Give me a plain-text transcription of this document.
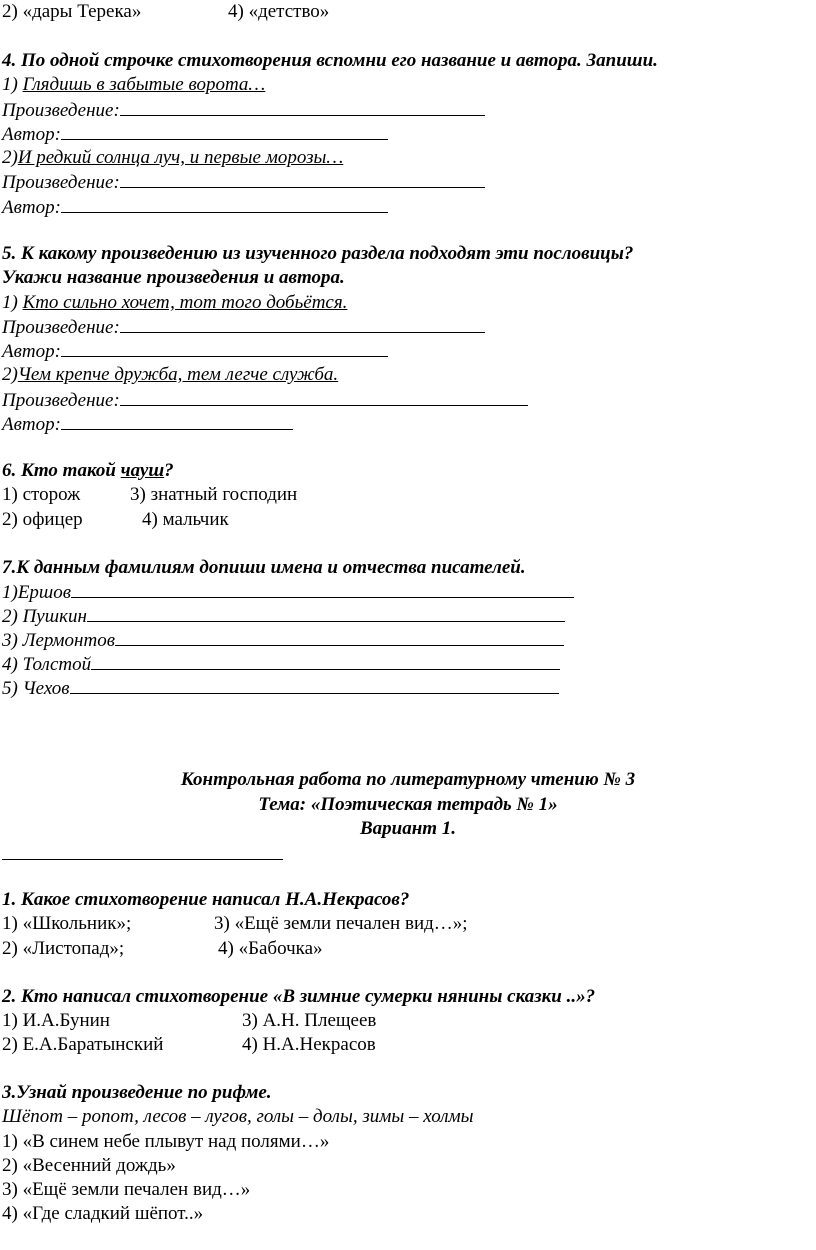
2) «дары Терека»	4) «детство»
4. По одной строчке стихотворения вспомни его название и автора. Запиши.
1) Глядишь в забытые ворота…
Произведение:
Автор:
2)И редкий солнца луч, и первые морозы…
Произведение:
Автор:
5. К какому произведению из изученного раздела подходят эти пословицы?
Укажи название произведения и автора.
1) Кто сильно хочет, тот того добьётся.
Произведение:
Автор:
2)Чем крепче дружба, тем легче служба.
Произведение:
Автор:
6. Кто такой чауш?
1) сторож	3) знатный господин
2) офицер	4) мальчик
7.К данным фамилиям допиши имена и отчества писателей.
1)Ершов
2) Пушкин
3) Лермонтов
4) Толстой
5) Чехов
Контрольная работа по литературному чтению № 3
Тема: «Поэтическая тетрадь № 1»
Вариант 1.
1. Какое стихотворение написал Н.А.Некрасов?
1) «Школьник»;	3) «Ещё земли печален вид…»;
2) «Листопад»;	4) «Бабочка»
2. Кто написал стихотворение «В зимние сумерки нянины сказки ..»?
1) И.А.Бунин	3) А.Н. Плещеев
2) Е.А.Баратынский	4) Н.А.Некрасов
3.Узнай произведение по рифме.
Шёпот – ропот, лесов – лугов, голы – долы, зимы – холмы
1) «В синем небе плывут над полями…»
2) «Весенний дождь»
3) «Ещё земли печален вид…»
4) «Где сладкий шёпот..»
